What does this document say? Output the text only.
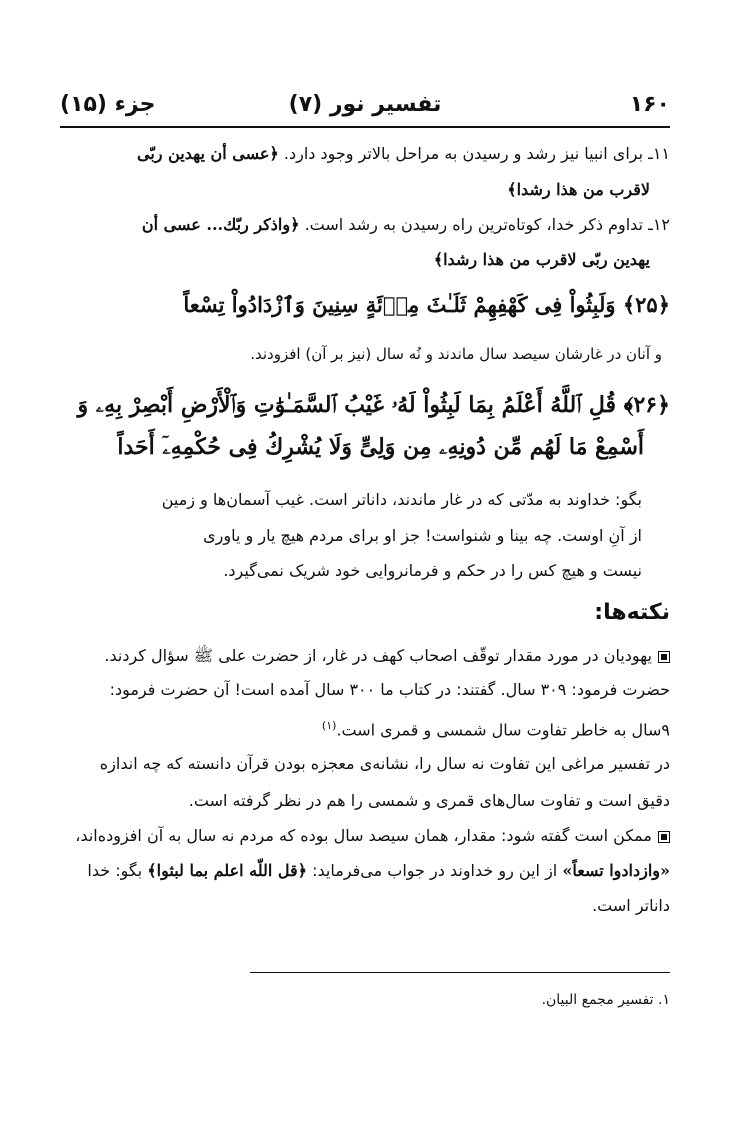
۱۶۰
تفسیر نور (۷)
جزء (۱۵)
۱۱ـ برای انبیا نیز رشد و رسیدن به مراحل بالاتر وجود دارد. ﴿عسی أن یهدین ربّی
لاقرب من هذا رشدا﴾
۱۲ـ تداوم ذکر خدا، کوتاه‌ترین راه رسیدن به رشد است. ﴿واذکر ربّك... عسی أن
یهدین ربّی لاقرب من هذا رشدا﴾
﴿۲۵﴾ وَلَبِثُواْ فِی كَهْفِهِمْ ثَلَـٰثَ مِا۟ئَةٍ سِنِینَ وَٱزْدَادُواْ تِسْعاً
و آنان در غارشان سیصد سال ماندند و نُه سال (نیز بر آن) افزودند.
﴿۲۶﴾ قُلِ ٱللَّهُ أَعْلَمُ بِمَا لَبِثُواْ لَهُۥ غَیْبُ ٱلسَّمَـٰوَٰتِ وَٱلْأَرْضِ أَبْصِرْ بِهِۦ وَ
أَسْمِعْ مَا لَهُم مِّن دُونِهِۦ مِن وَلِیٍّ وَلَا یُشْرِكُ فِی حُكْمِهِۦٓ أَحَداً
بگو: خداوند به مدّتی که در غار ماندند، داناتر است. غیب آسمان‌ها و زمین
از آنِ اوست. چه بینا و شنواست! جز او برای مردم هیچ یار و یاوری
نیست و هیچ کس را در حکم و فرمانروایی خود شریک نمی‌گیرد.
نکته‌ها:
یهودیان در مورد مقدار توقّف اصحاب کهف در غار، از حضرت علی ﷺ سؤال کردند.
حضرت فرمود: ۳۰۹ سال. گفتند: در کتاب ما ۳۰۰ سال آمده است! آن حضرت فرمود:
۹سال به خاطر تفاوت سال شمسی و قمری است.$^{(۱)}$
در تفسیر مراغی این تفاوت نه سال را، نشانه‌ی معجزه بودن قرآن دانسته که چه اندازه
دقیق است و تفاوت سال‌های قمری و شمسی را هم در نظر گرفته است.
ممکن است گفته شود: مقدار، همان سیصد سال بوده که مردم نه سال به آن افزوده‌اند،
«وازدادوا تسعاً» از این رو خداوند در جواب می‌فرماید: ﴿قل اللّه اعلم بما لبثوا﴾ بگو: خدا
داناتر است.
۱. تفسیر مجمع البیان.
